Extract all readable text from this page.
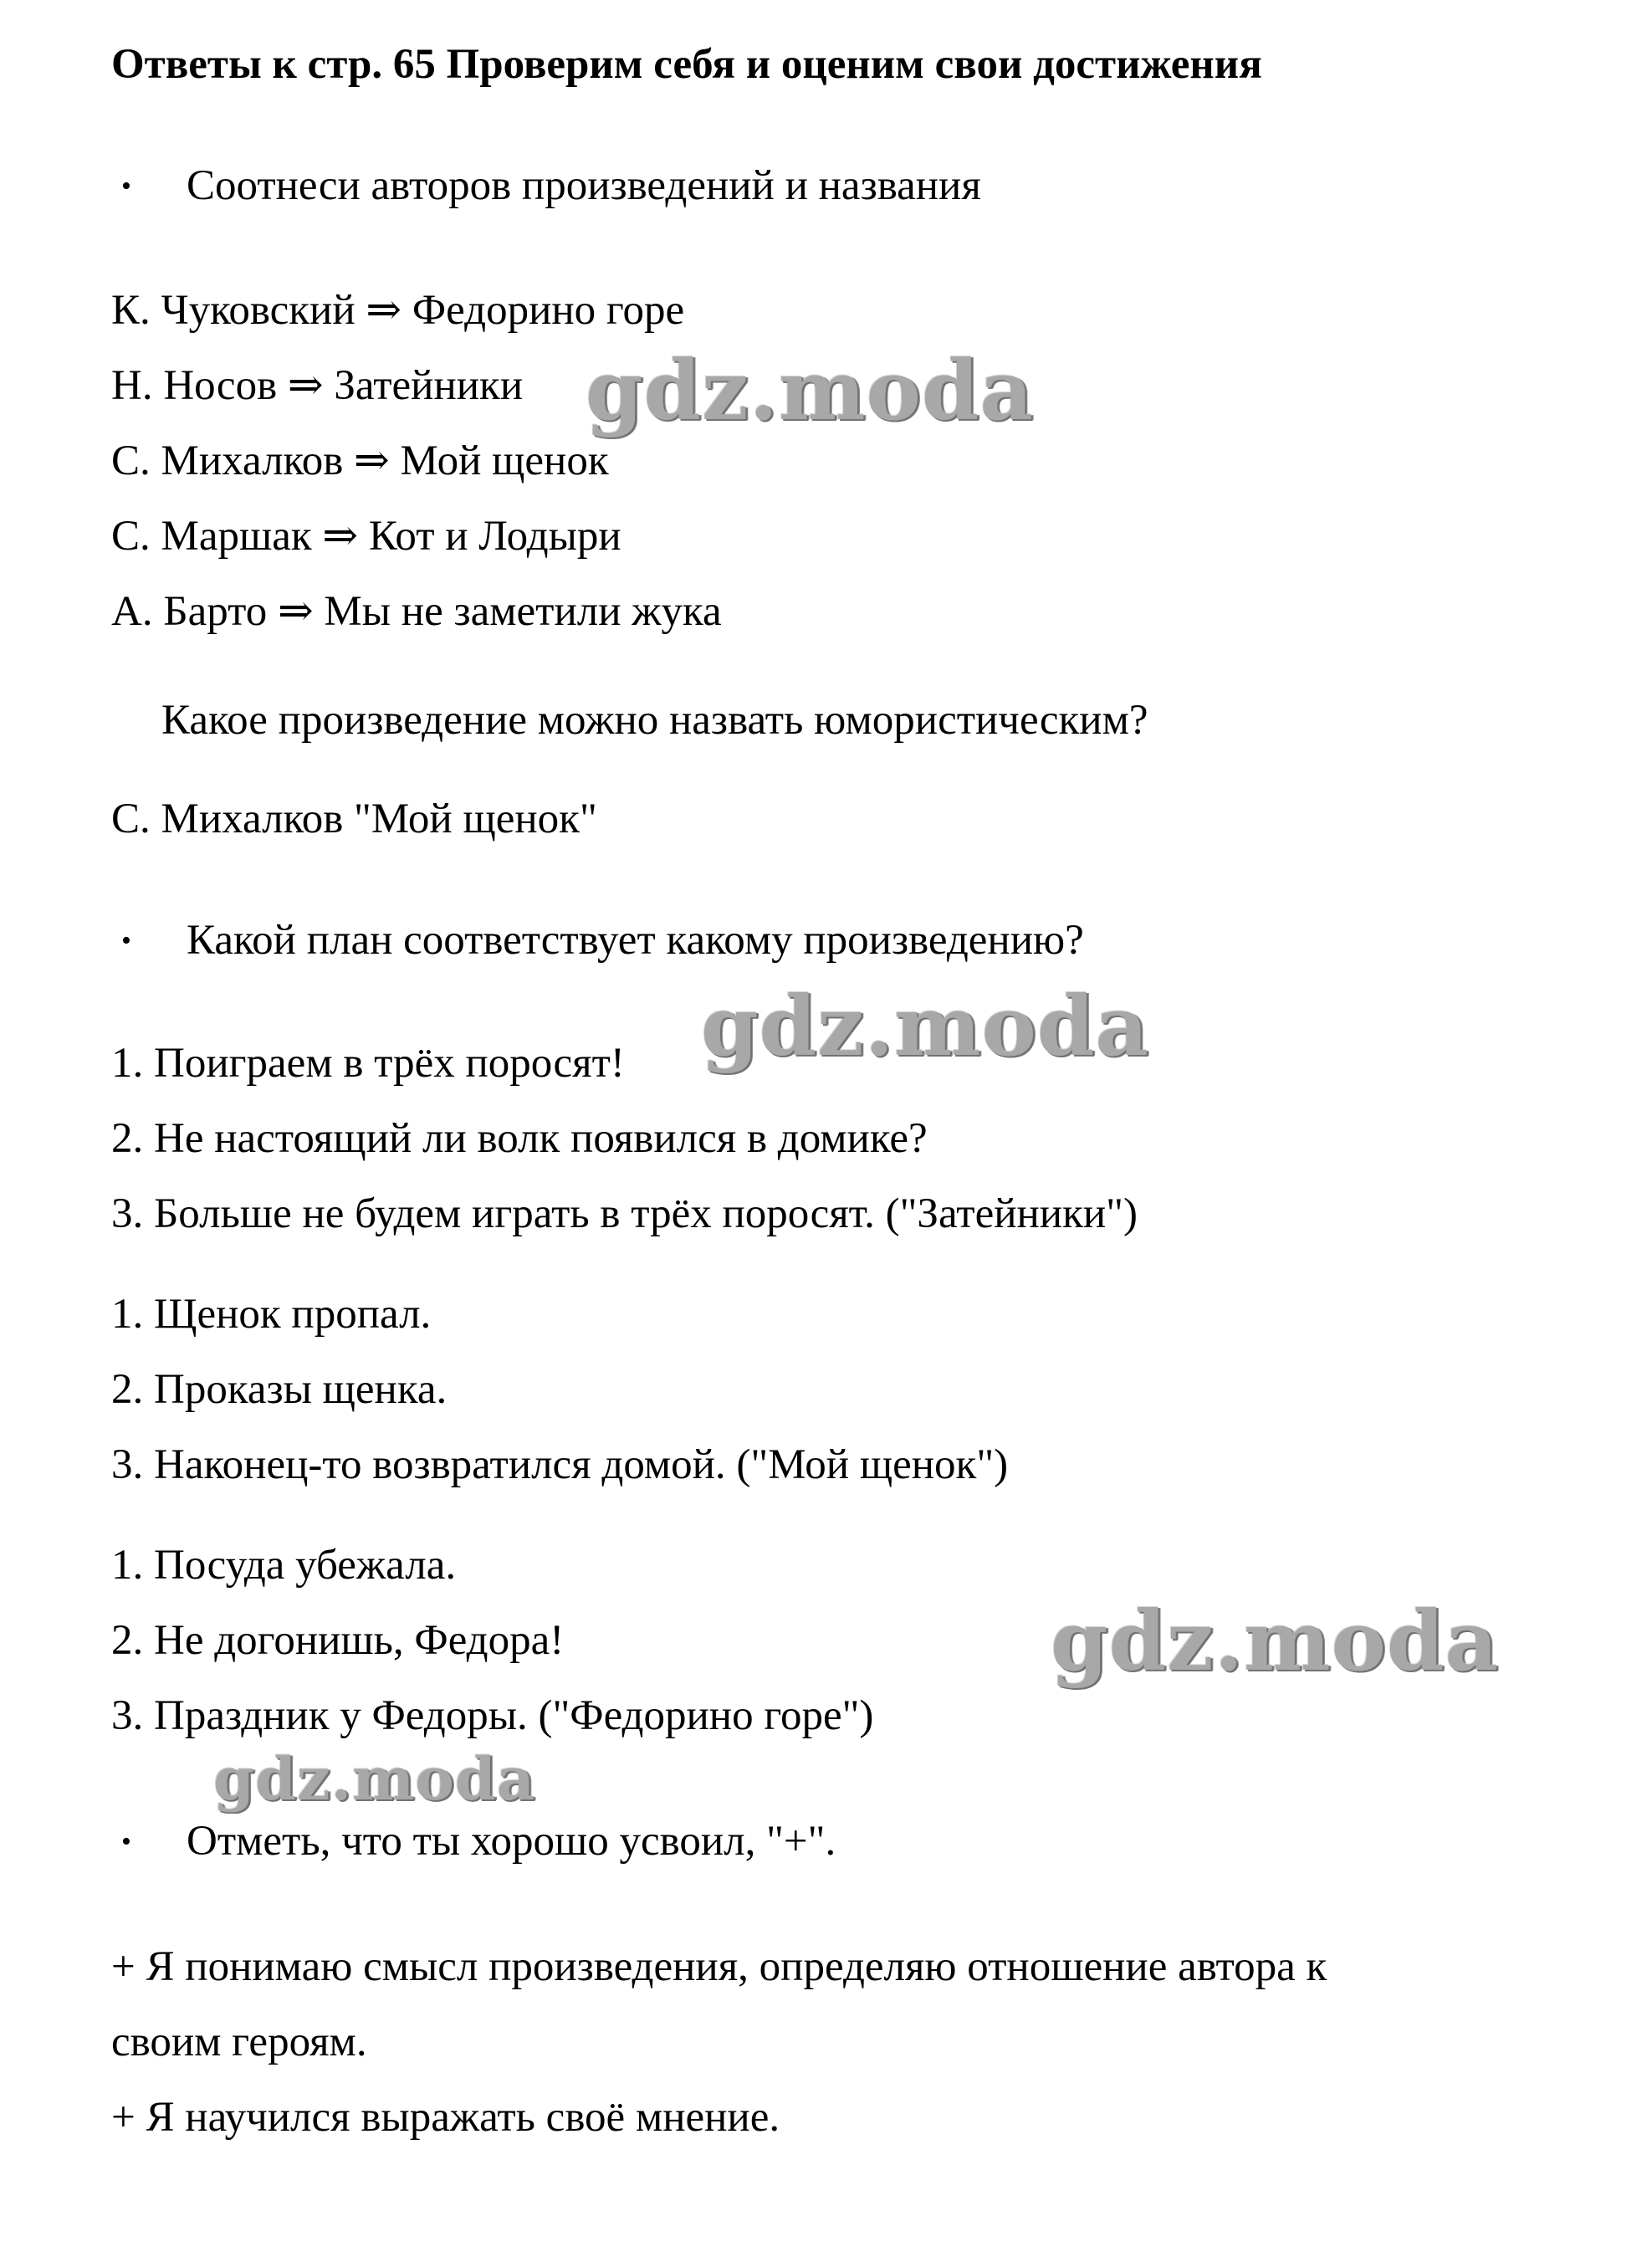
Ответы к стр. 65 Проверим себя и оценим свои достижения
• Соотнеси авторов произведений и названия
К. Чуковский ⇒ Федорино горе
Н. Носов ⇒ Затейники
С. Михалков ⇒ Мой щенок
С. Маршак ⇒ Кот и Лодыри
А. Барто ⇒ Мы не заметили жука
Какое произведение можно назвать юмористическим?
С. Михалков "Мой щенок"
• Какой план соответствует какому произведению?
1. Поиграем в трёх поросят!
2. Не настоящий ли волк появился в домике?
3. Больше не будем играть в трёх поросят. ("Затейники")
1. Щенок пропал.
2. Проказы щенка.
3. Наконец-то возвратился домой. ("Мой щенок")
1. Посуда убежала.
2. Не догонишь, Федора!
3. Праздник у Федоры. ("Федорино горе")
• Отметь, что ты хорошо усвоил, "+".
+ Я понимаю смысл произведения, определяю отношение автора к
своим героям.
+ Я научился выражать своё мнение.
gdz.moda
gdz.moda
gdz.moda
gdz.moda
